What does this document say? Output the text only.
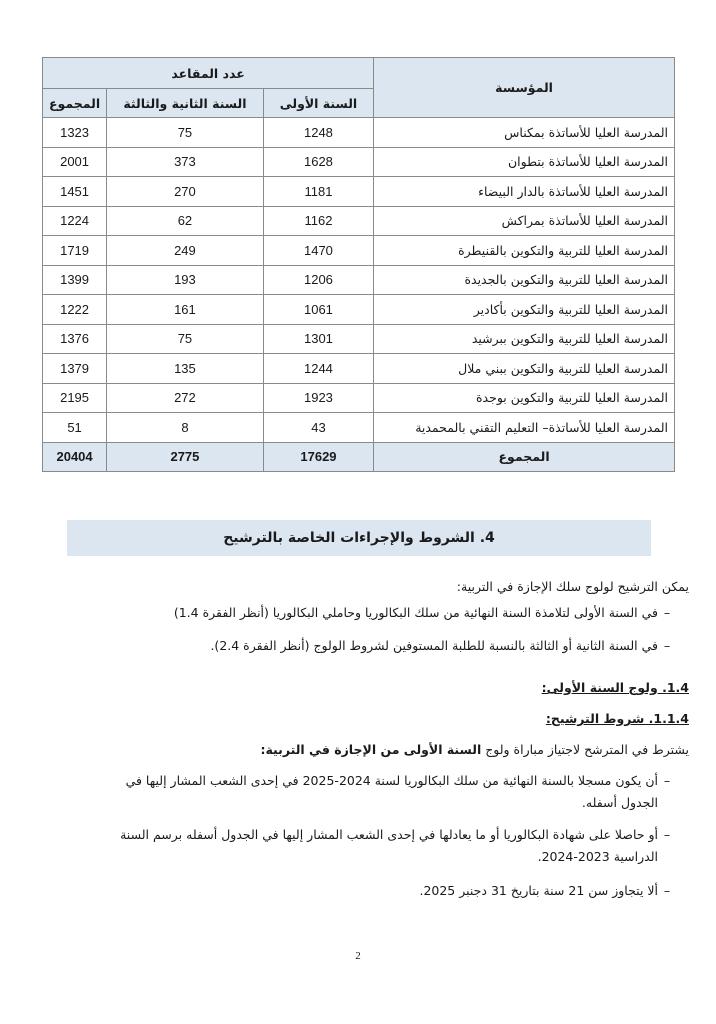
المؤسسة	عدد المقاعد		
	السنة الأولى	السنة الثانية والثالثة	المجموع
المدرسة العليا للأساتذة بمكناس	1248	75	1323
المدرسة العليا للأساتذة بتطوان	1628	373	2001
المدرسة العليا للأساتذة بالدار البيضاء	1181	270	1451
المدرسة العليا للأساتذة بمراكش	1162	62	1224
المدرسة العليا للتربية والتكوين بالقنيطرة	1470	249	1719
المدرسة العليا للتربية والتكوين بالجديدة	1206	193	1399
المدرسة العليا للتربية والتكوين بأكادير	1061	161	1222
المدرسة العليا للتربية والتكوين ببرشيد	1301	75	1376
المدرسة العليا للتربية والتكوين ببني ملال	1244	135	1379
المدرسة العليا للتربية والتكوين بوجدة	1923	272	2195
المدرسة العليا للأساتذة– التعليم التقني بالمحمدية	43	8	51
المجموع	17629	2775	20404
4. الشروط والإجراءات الخاصة بالترشيح
يمكن الترشيح لولوج سلك الإجازة في التربية:
–في السنة الأولى لتلامذة السنة النهائية من سلك البكالوريا وحاملي البكالوريا (أنظر الفقرة 1.4)
–في السنة الثانية أو الثالثة بالنسبة للطلبة المستوفين لشروط الولوج (أنظر الفقرة 2.4).
1.4. ولوج السنة الأولى:
1.1.4. شروط الترشيح:
يشترط في المترشح لاجتياز مباراة ولوج السنة الأولى من الإجازة في التربية:
–أن يكون مسجلا بالسنة النهائية من سلك البكالوريا لسنة 2024-2025 في إحدى الشعب المشار إليها في
الجدول أسفله.
–أو حاصلا على شهادة البكالوريا أو ما يعادلها في إحدى الشعب المشار إليها في الجدول أسفله برسم السنة
الدراسية 2023-2024.
–ألا يتجاوز سن 21 سنة بتاريخ 31 دجنبر 2025.
2
